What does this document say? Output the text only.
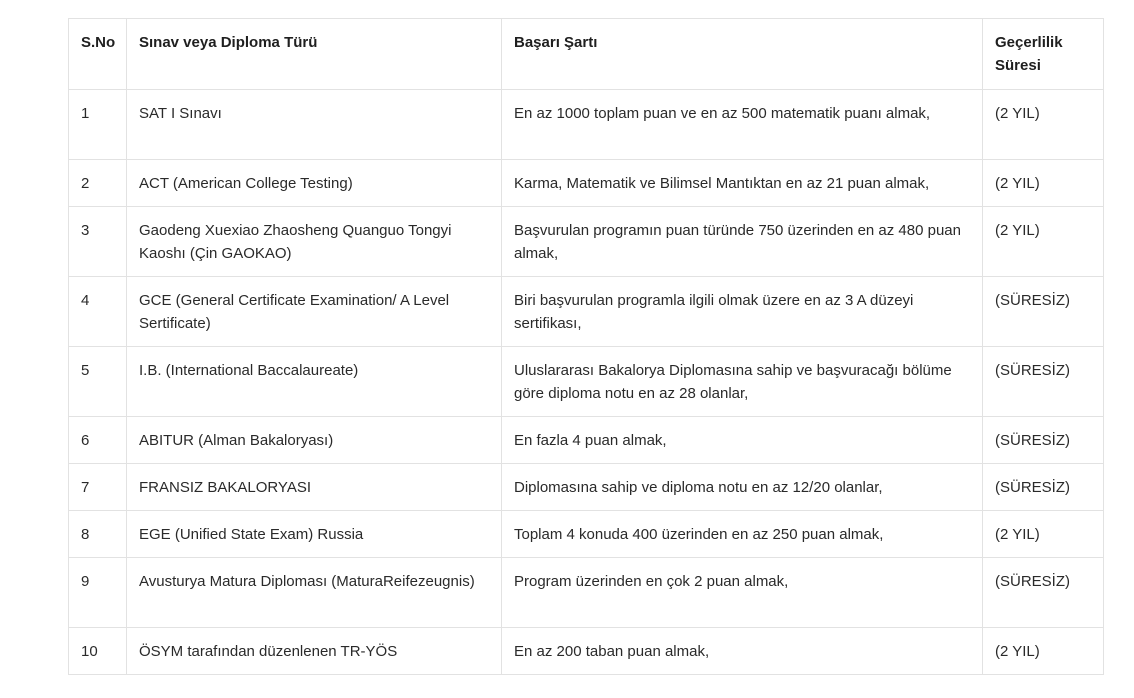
S.No	Sınav veya Diploma Türü	Başarı Şartı	Geçerlilik Süresi
1	SAT I Sınavı	En az 1000 toplam puan ve en az 500 matematik puanı almak,	(2 YIL)
2	ACT (American College Testing)	Karma, Matematik ve Bilimsel Mantıktan en az 21 puan almak,	(2 YIL)
3	Gaodeng Xuexiao Zhaosheng Quanguo Tongyi Kaoshı (Çin GAOKAO)	Başvurulan programın puan türünde 750 üzerinden en az 480 puan almak,	(2 YIL)
4	GCE (General Certificate Examination/ A Level Sertificate)	Biri başvurulan programla ilgili olmak üzere en az 3 A düzeyi sertifikası,	(SÜRESİZ)
5	I.B. (International Baccalaureate)	Uluslararası Bakalorya Diplomasına sahip ve başvuracağı bölüme göre diploma notu en az 28 olanlar,	(SÜRESİZ)
6	ABITUR (Alman Bakaloryası)	En fazla 4 puan almak,	(SÜRESİZ)
7	FRANSIZ BAKALORYASI	Diplomasına sahip ve diploma notu en az 12/20 olanlar,	(SÜRESİZ)
8	EGE (Unified State Exam) Russia	Toplam 4 konuda 400 üzerinden en az 250 puan almak,	(2 YIL)
9	Avusturya Matura Diploması (MaturaReifezeugnis)	Program üzerinden en çok 2 puan almak,	(SÜRESİZ)
10	ÖSYM tarafından düzenlenen TR-YÖS	En az 200 taban puan almak,	(2 YIL)
